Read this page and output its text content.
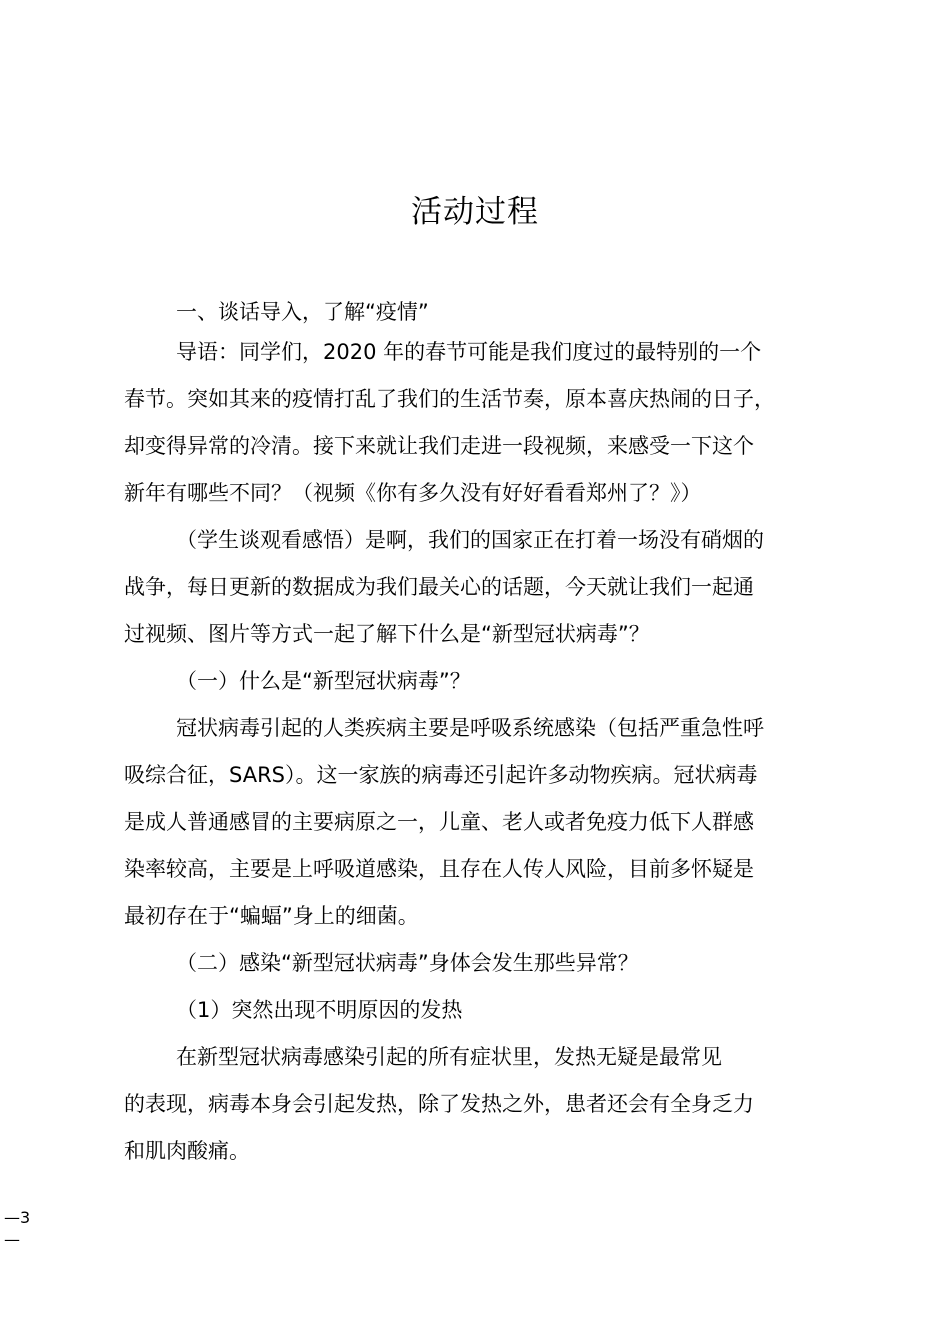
活动过程

一、谈话导入，了解“疫情”

导语：同学们，2020 年的春节可能是我们度过的最特别的一个

春节。突如其来的疫情打乱了我们的生活节奏，原本喜庆热闹的日子，

却变得异常的冷清。接下来就让我们走进一段视频，来感受一下这个

新年有哪些不同？（视频《你有多久没有好好看看郑州了？》）

（学生谈观看感悟）是啊，我们的国家正在打着一场没有硝烟的

战争，每日更新的数据成为我们最关心的话题，今天就让我们一起通

过视频、图片等方式一起了解下什么是“新型冠状病毒”？

（一）什么是“新型冠状病毒”？

冠状病毒引起的人类疾病主要是呼吸系统感染（包括严重急性呼

吸综合征，SARS）。这一家族的病毒还引起许多动物疾病。冠状病毒

是成人普通感冒的主要病原之一，儿童、老人或者免疫力低下人群感

染率较高，主要是上呼吸道感染，且存在人传人风险，目前多怀疑是

最初存在于“蝙蝠”身上的细菌。

（二）感染“新型冠状病毒”身体会发生那些异常？

（1）突然出现不明原因的发热

在新型冠状病毒感染引起的所有症状里，发热无疑是最常见

的表现，病毒本身会引起发热，除了发热之外，患者还会有全身乏力

和肌肉酸痛。

—3
—
